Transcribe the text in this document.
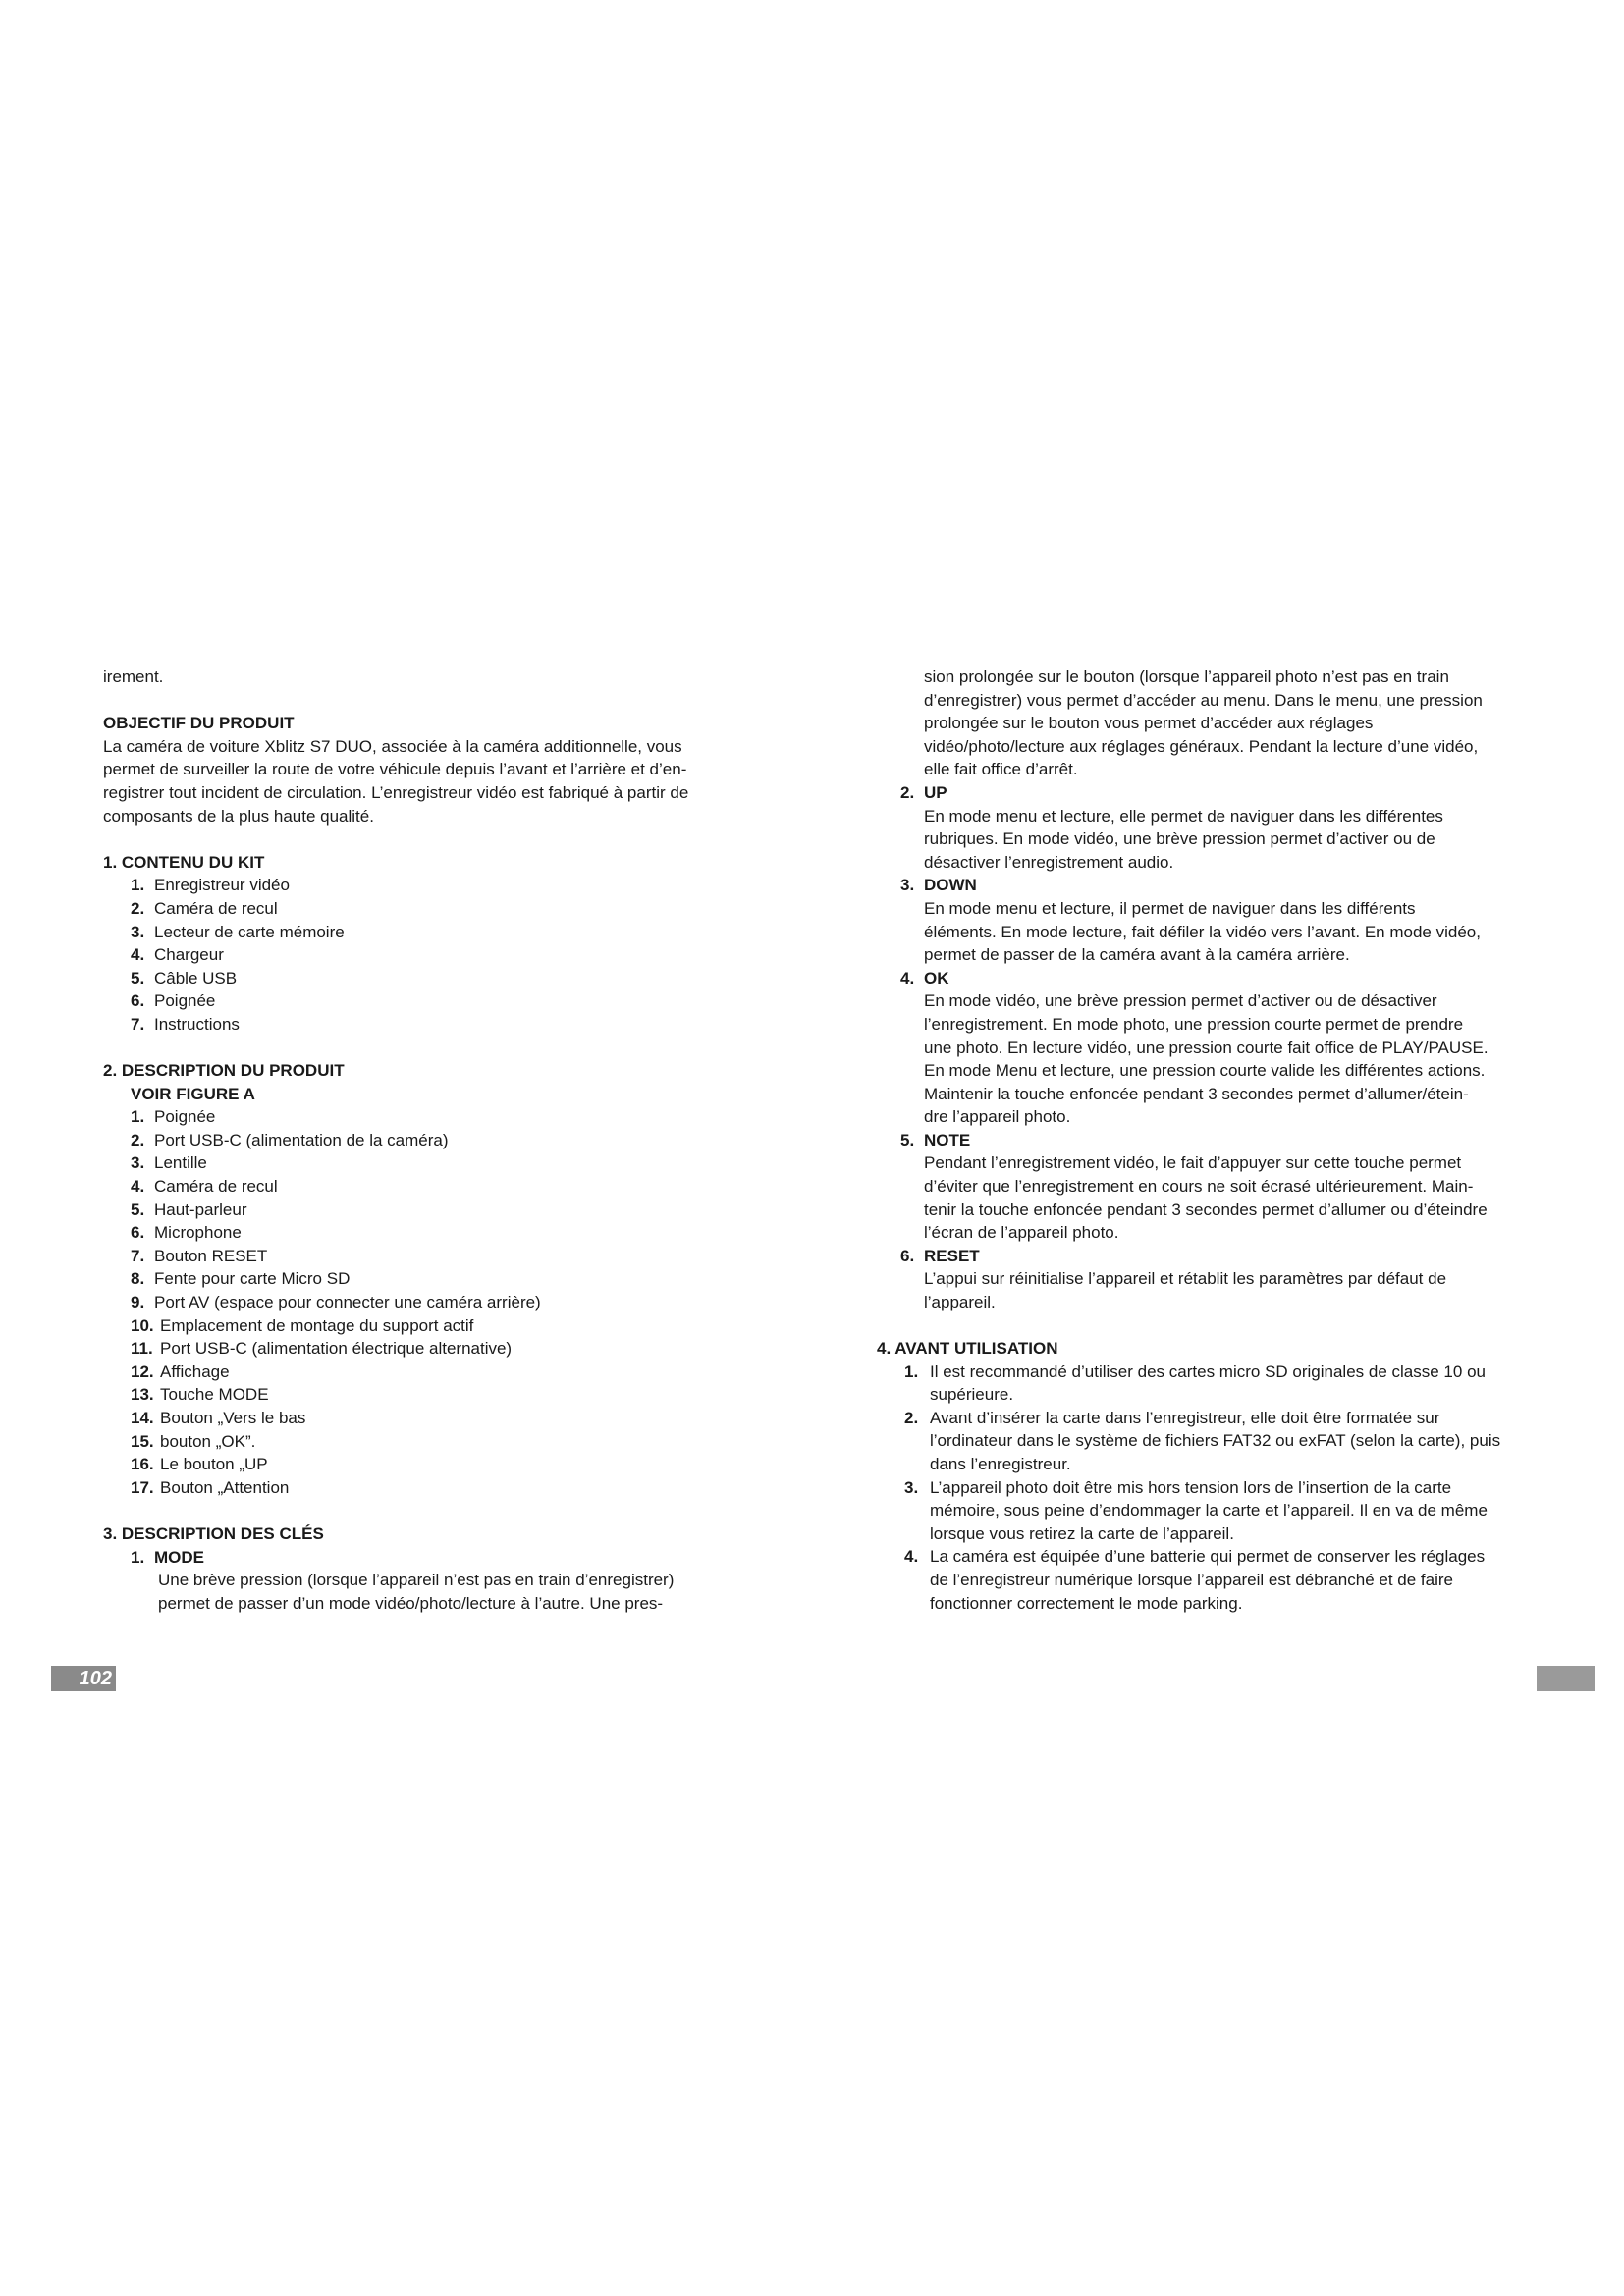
irement.

OBJECTIF DU PRODUIT

La caméra de voiture Xblitz S7 DUO, associée à la caméra additionnelle, vous

permet de surveiller la route de votre véhicule depuis l’avant et l’arrière et d’en-

registrer tout incident de circulation. L’enregistreur vidéo est fabriqué à partir de

composants de la plus haute qualité.

1. CONTENU DU KIT

1. Enregistreur vidéo
2. Caméra de recul
3. Lecteur de carte mémoire
4. Chargeur
5. Câble USB
6. Poignée
7. Instructions

2. DESCRIPTION DU PRODUIT

VOIR FIGURE A

1. Poignée
2. Port USB-C (alimentation de la caméra)
3. Lentille
4. Caméra de recul
5. Haut-parleur
6. Microphone
7. Bouton RESET
8. Fente pour carte Micro SD
9. Port AV (espace pour connecter une caméra arrière)
10. Emplacement de montage du support actif
11. Port USB-C (alimentation électrique alternative)
12. Affichage
13. Touche MODE
14. Bouton „Vers le bas
15. bouton „OK”.
16. Le bouton „UP
17. Bouton „Attention

3. DESCRIPTION DES CLÉS

1. MODE

Une brève pression (lorsque l’appareil n’est pas en train d’enregistrer)

permet de passer d’un mode vidéo/photo/lecture à l’autre. Une pres-

sion prolongée sur le bouton (lorsque l’appareil photo n’est pas en train

d’enregistrer) vous permet d’accéder au menu. Dans le menu, une pression

prolongée sur le bouton vous permet d’accéder aux réglages

vidéo/photo/lecture aux réglages généraux. Pendant la lecture d’une vidéo,

elle fait office d’arrêt.

2. UP

En mode menu et lecture, elle permet de naviguer dans les différentes

rubriques. En mode vidéo, une brève pression permet d’activer ou de

désactiver l’enregistrement audio.

3. DOWN

En mode menu et lecture, il permet de naviguer dans les différents

éléments. En mode lecture, fait défiler la vidéo vers l’avant. En mode vidéo,

permet de passer de la caméra avant à la caméra arrière.

4. OK

En mode vidéo, une brève pression permet d’activer ou de désactiver

l’enregistrement. En mode photo, une pression courte permet de prendre

une photo. En lecture vidéo, une pression courte fait office de PLAY/PAUSE.

En mode Menu et lecture, une pression courte valide les différentes actions.

Maintenir la touche enfoncée pendant 3 secondes permet d’allumer/étein-

dre l’appareil photo.

5. NOTE

Pendant l’enregistrement vidéo, le fait d’appuyer sur cette touche permet

d’éviter que l’enregistrement en cours ne soit écrasé ultérieurement. Main-

tenir la touche enfoncée pendant 3 secondes permet d’allumer ou d’éteindre

l’écran de l’appareil photo.

6. RESET

L’appui sur réinitialise l’appareil et rétablit les paramètres par défaut de

l’appareil.

4. AVANT UTILISATION

1. Il est recommandé d’utiliser des cartes micro SD originales de classe 10 ou

supérieure.

2. Avant d’insérer la carte dans l’enregistreur, elle doit être formatée sur

l’ordinateur dans le système de fichiers FAT32 ou exFAT (selon la carte), puis

dans l’enregistreur.

3. L’appareil photo doit être mis hors tension lors de l’insertion de la carte

mémoire, sous peine d’endommager la carte et l’appareil. Il en va de même

lorsque vous retirez la carte de l’appareil.

4. La caméra est équipée d’une batterie qui permet de conserver les réglages

de l’enregistreur numérique lorsque l’appareil est débranché et de faire

fonctionner correctement le mode parking.

102
